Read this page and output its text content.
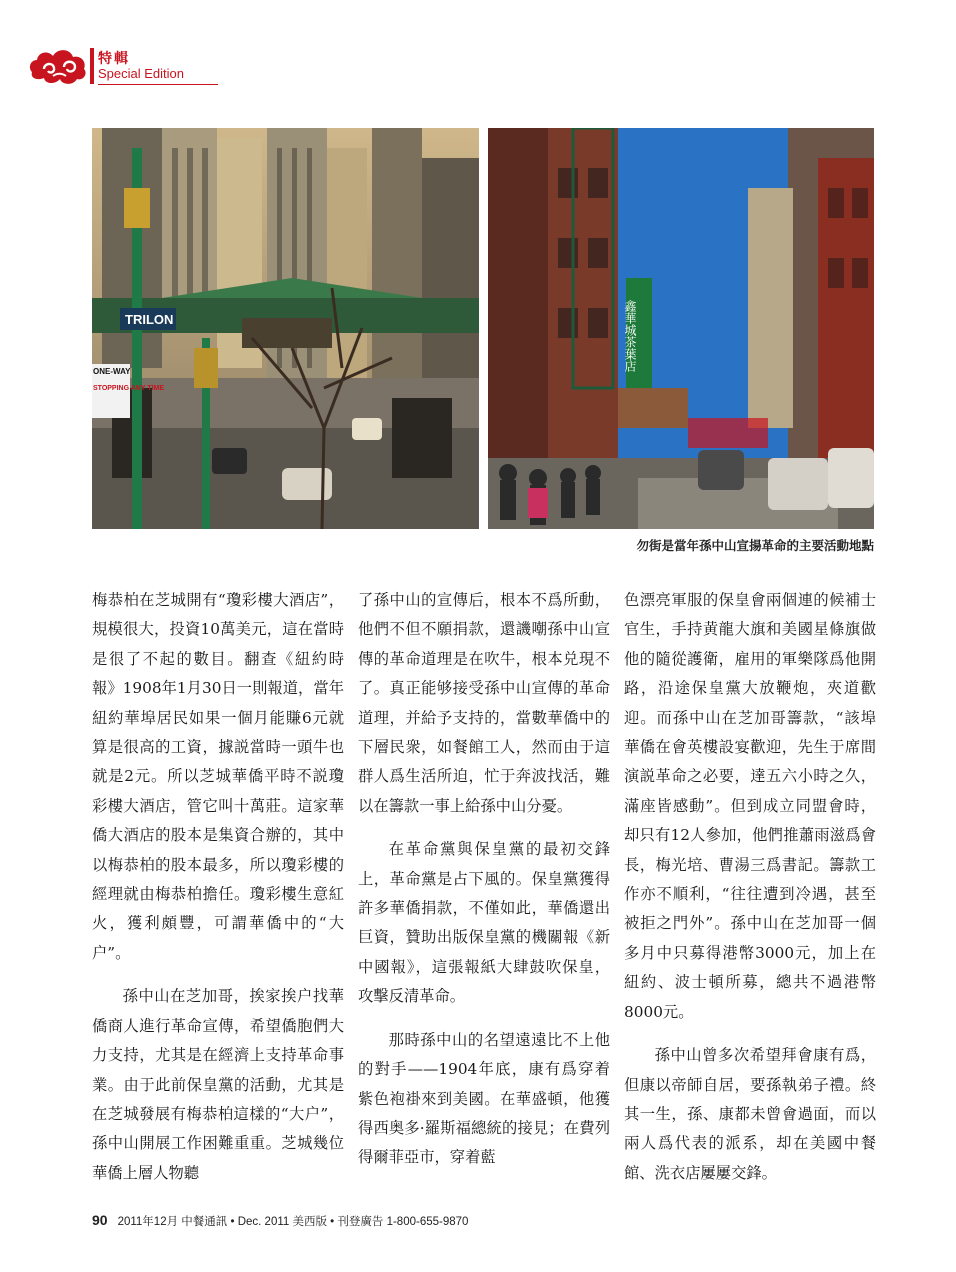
特輯
Special Edition
TRILON
ONE-WAY
STOPPING ANY TIME
鑫華城茶葉店
勿街是當年孫中山宣揚革命的主要活動地點

梅恭柏在芝城開有“瓊彩樓大酒店”，規模很大，投資10萬美元，這在當時是很了不起的數目。翻查《紐約時報》1908年1月30日一則報道，當年紐約華埠居民如果一個月能賺6元就算是很高的工資，據説當時一頭牛也就是2元。所以芝城華僑平時不説瓊彩樓大酒店，管它叫十萬莊。這家華僑大酒店的股本是集資合辦的，其中以梅恭柏的股本最多，所以瓊彩樓的經理就由梅恭柏擔任。瓊彩樓生意紅火，獲利頗豐，可謂華僑中的“大户”。

孫中山在芝加哥，挨家挨户找華僑商人進行革命宣傳，希望僑胞們大力支持，尤其是在經濟上支持革命事業。由于此前保皇黨的活動，尤其是在芝城發展有梅恭柏這樣的“大户”，孫中山開展工作困難重重。芝城幾位華僑上層人物聽

了孫中山的宣傳后，根本不爲所動，他們不但不願捐款，還譏嘲孫中山宣傳的革命道理是在吹牛，根本兑現不了。真正能够接受孫中山宣傳的革命道理，并給予支持的，當數華僑中的下層民衆，如餐館工人，然而由于這群人爲生活所迫，忙于奔波找活，難以在籌款一事上給孫中山分憂。

在革命黨與保皇黨的最初交鋒上，革命黨是占下風的。保皇黨獲得許多華僑捐款，不僅如此，華僑還出巨資，贊助出版保皇黨的機關報《新中國報》，這張報紙大肆鼓吹保皇，攻擊反清革命。

那時孫中山的名望遠遠比不上他的對手——1904年底，康有爲穿着紫色袍褂來到美國。在華盛頓，他獲得西奥多·羅斯福總統的接見；在費列得爾菲亞市，穿着藍

色漂亮軍服的保皇會兩個連的候補士官生，手持黄龍大旗和美國星條旗做他的隨從護衛，雇用的軍樂隊爲他開路，沿途保皇黨大放鞭炮，夾道歡迎。而孫中山在芝加哥籌款，“該埠華僑在會英樓設宴歡迎，先生于席間演説革命之必要，達五六小時之久，滿座皆感動”。但到成立同盟會時，却只有12人參加，他們推蕭雨滋爲會長，梅光培、曹湯三爲書記。籌款工作亦不順利，“往往遭到冷遇，甚至被拒之門外”。孫中山在芝加哥一個多月中只募得港幣3000元，加上在紐約、波士頓所募，總共不過港幣8000元。

孫中山曾多次希望拜會康有爲，但康以帝師自居，要孫執弟子禮。終其一生，孫、康都未曾會過面，而以兩人爲代表的派系，却在美國中餐館、洗衣店屢屢交鋒。

90 2011年12月 中餐通訊 • Dec. 2011 美西版 • 刊登廣告 1-800-655-9870
